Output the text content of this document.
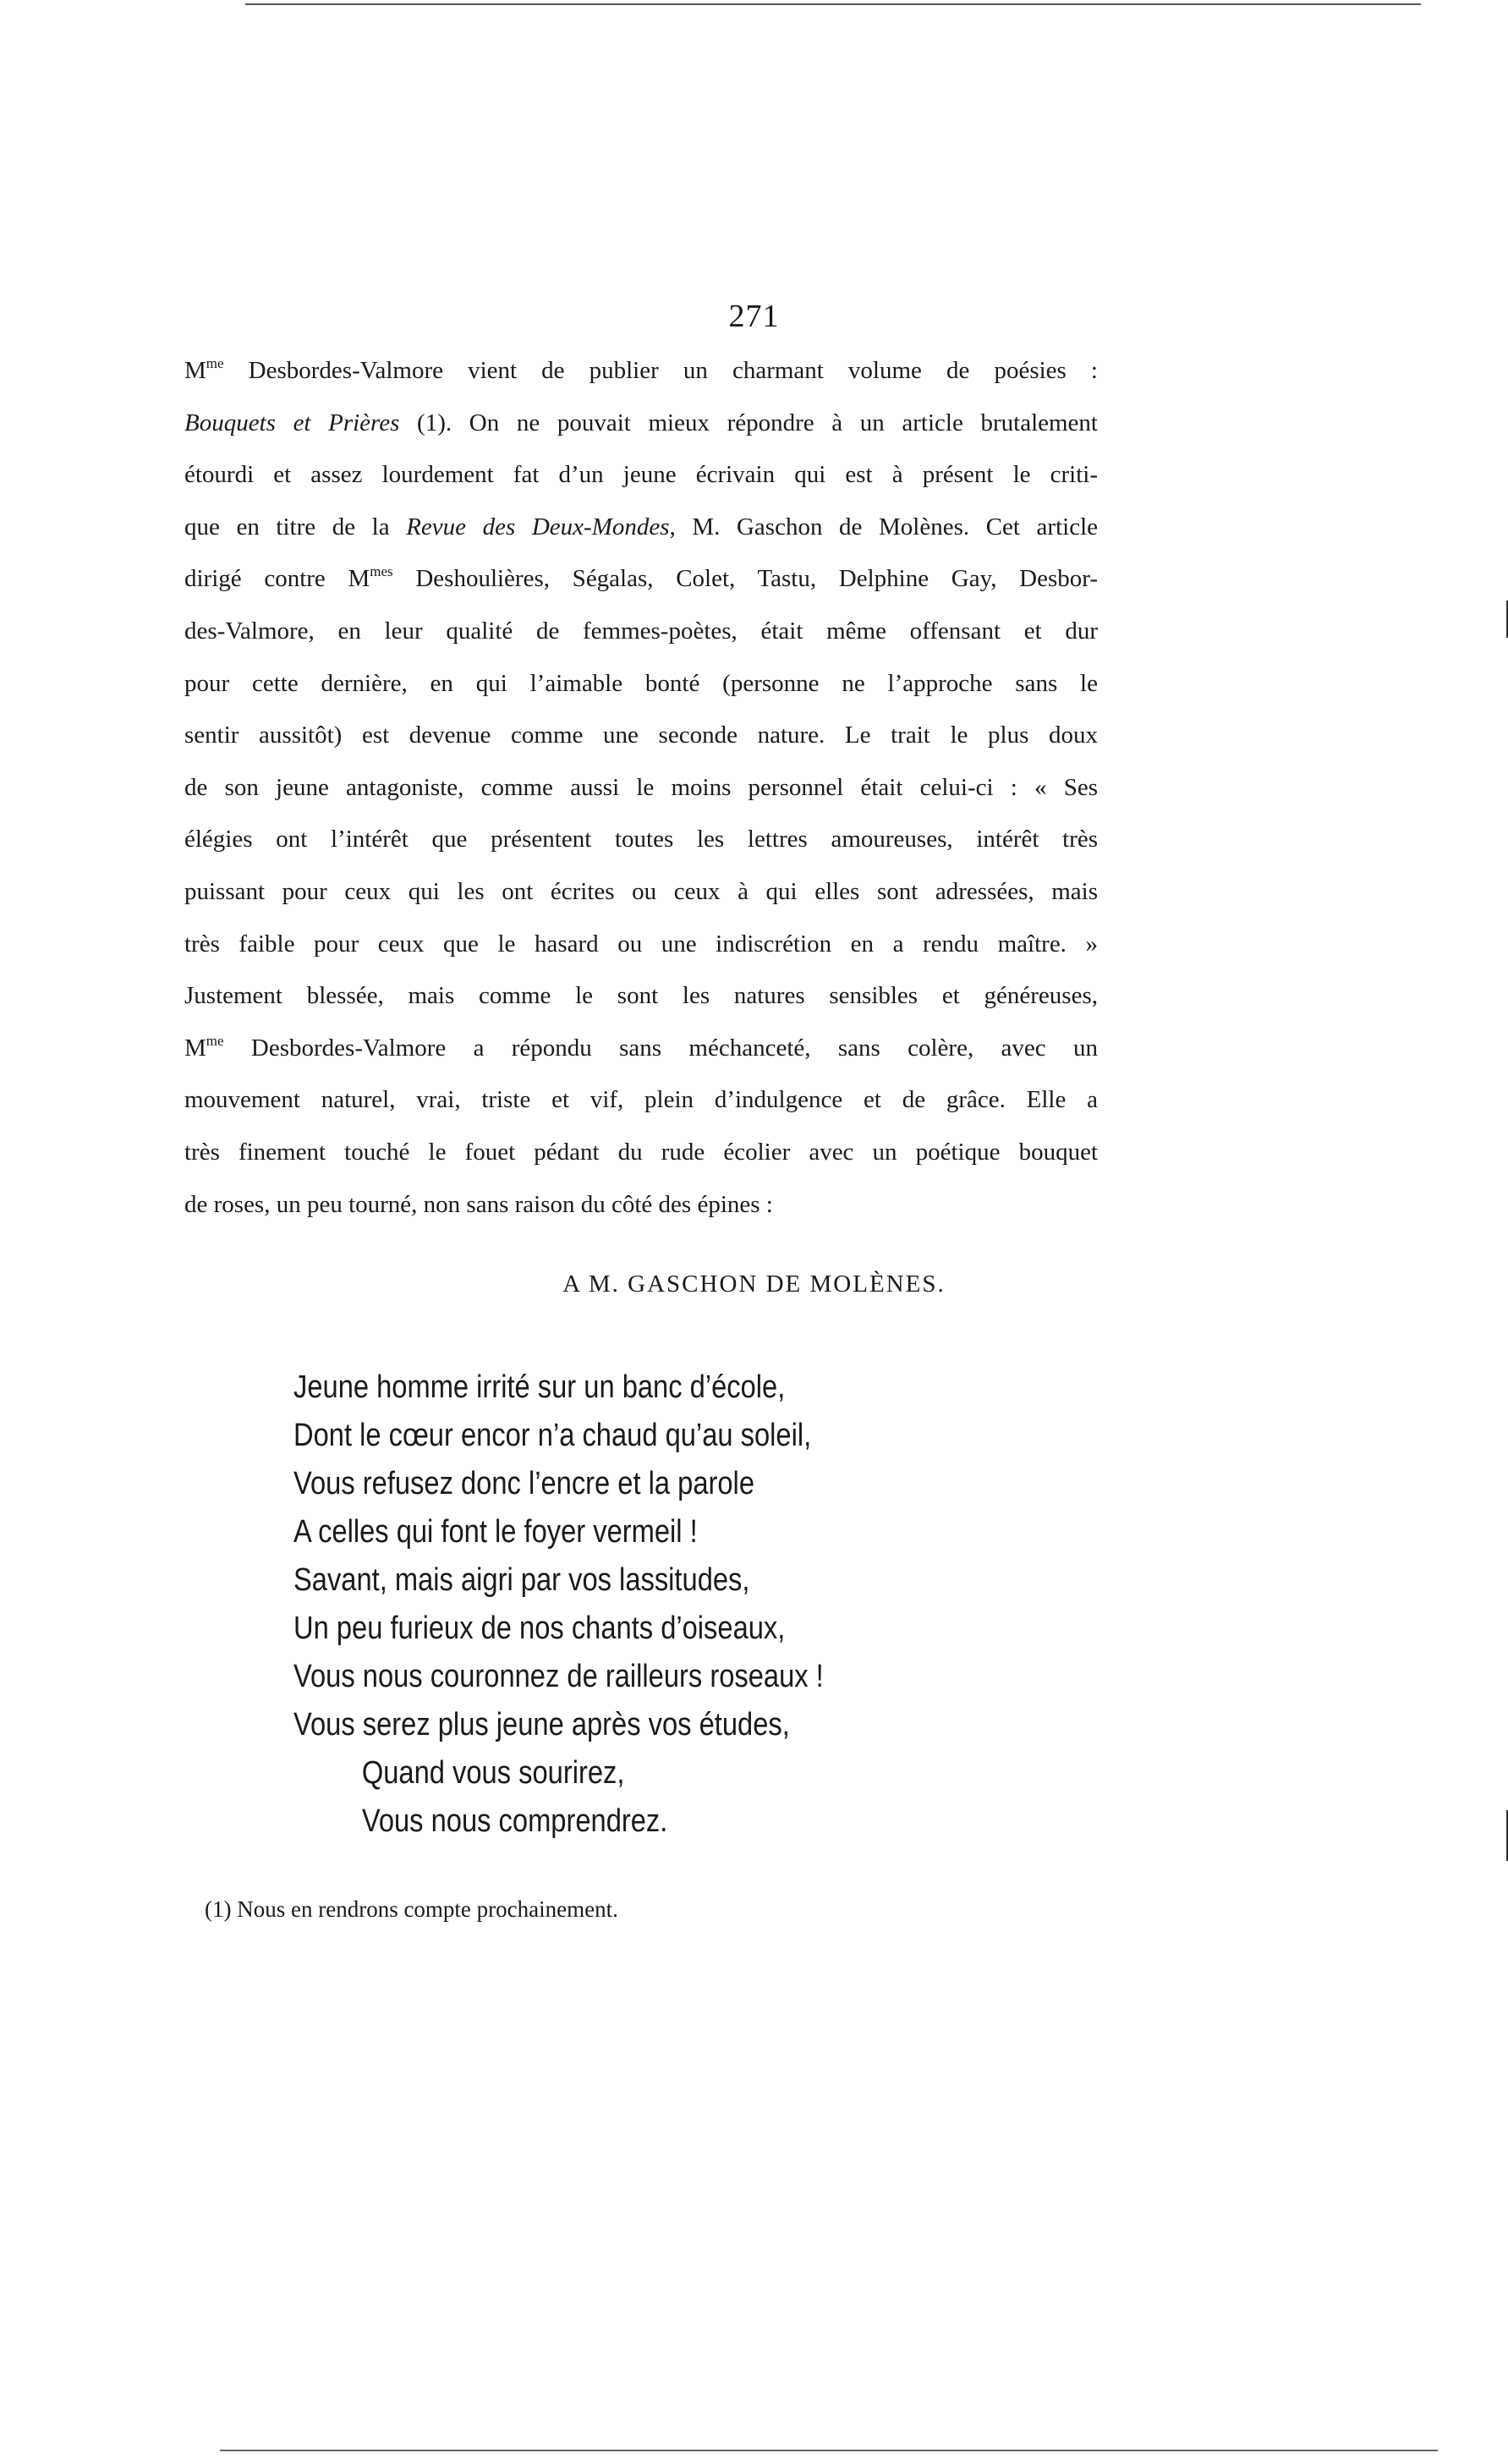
271

$M^{me}$ Desbordes-Valmore vient de publier un charmant volume de poésies :

Bouquets et Prières (1). On ne pouvait mieux répondre à un article brutalement

étourdi et assez lourdement fat d’un jeune écrivain qui est à présent le criti-

que en titre de la Revue des Deux-Mondes, M. Gaschon de Molènes. Cet article

dirigé contre $M^{mes}$ Deshoulières, Ségalas, Colet, Tastu, Delphine Gay, Desbor-

des-Valmore, en leur qualité de femmes-poètes, était même offensant et dur

pour cette dernière, en qui l’aimable bonté (personne ne l’approche sans le

sentir aussitôt) est devenue comme une seconde nature. Le trait le plus doux

de son jeune antagoniste, comme aussi le moins personnel était celui-ci : « Ses

élégies ont l’intérêt que présentent toutes les lettres amoureuses, intérêt très

puissant pour ceux qui les ont écrites ou ceux à qui elles sont adressées, mais

très faible pour ceux que le hasard ou une indiscrétion en a rendu maître. »

Justement blessée, mais comme le sont les natures sensibles et généreuses,

$M^{me}$ Desbordes-Valmore a répondu sans méchanceté, sans colère, avec un

mouvement naturel, vrai, triste et vif, plein d’indulgence et de grâce. Elle a

très finement touché le fouet pédant du rude écolier avec un poétique bouquet

de roses, un peu tourné, non sans raison du côté des épines :

A M. GASCHON DE MOLÈNES.
Jeune homme irrité sur un banc d’école,
Dont le cœur encor n’a chaud qu’au soleil,
Vous refusez donc l’encre et la parole
A celles qui font le foyer vermeil !
Savant, mais aigri par vos lassitudes,
Un peu furieux de nos chants d’oiseaux,
Vous nous couronnez de railleurs roseaux !
Vous serez plus jeune après vos études,
Quand vous sourirez,
Vous nous comprendrez.
(1) Nous en rendrons compte prochainement.
